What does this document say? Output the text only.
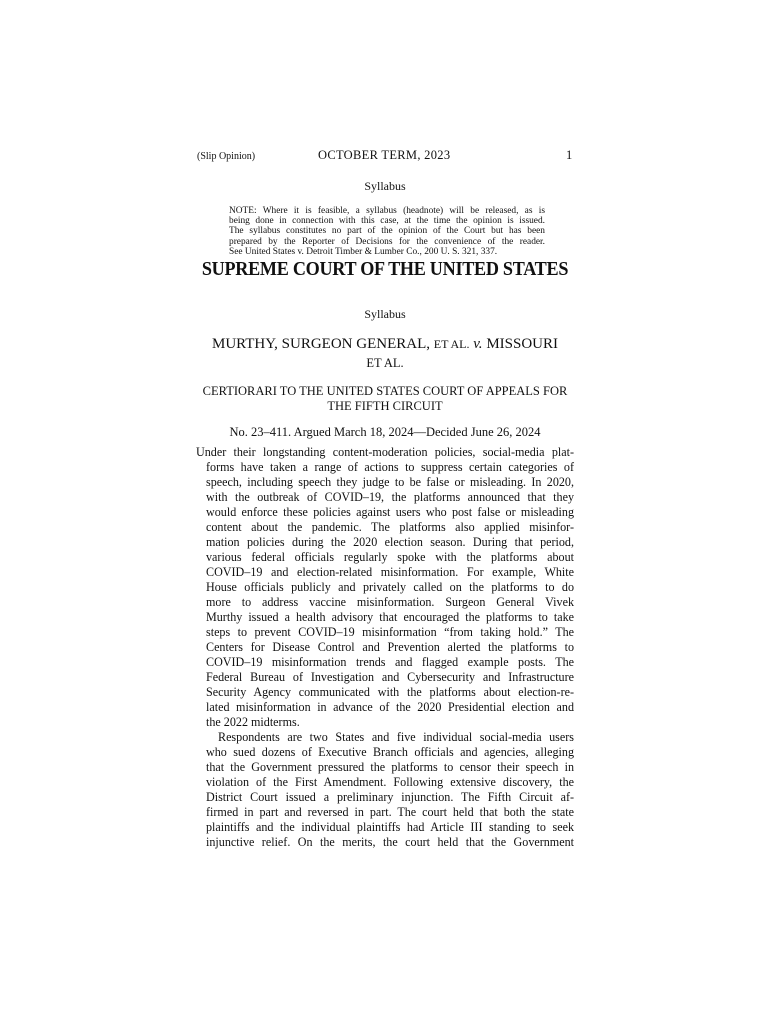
(Slip Opinion)	OCTOBER TERM, 2023	1
Syllabus
NOTE: Where it is feasible, a syllabus (headnote) will be released, as is
being done in connection with this case, at the time the opinion is issued.
The syllabus constitutes no part of the opinion of the Court but has been
prepared by the Reporter of Decisions for the convenience of the reader.
See United States v. Detroit Timber & Lumber Co., 200 U. S. 321, 337.
SUPREME COURT OF THE UNITED STATES
Syllabus
MURTHY, SURGEON GENERAL, ET AL. v. MISSOURI
ET AL.
CERTIORARI TO THE UNITED STATES COURT OF APPEALS FOR
THE FIFTH CIRCUIT
No. 23–411. Argued March 18, 2024—Decided June 26, 2024
Under their longstanding content-moderation policies, social-media plat-
forms have taken a range of actions to suppress certain categories of
speech, including speech they judge to be false or misleading. In 2020,
with the outbreak of COVID–19, the platforms announced that they
would enforce these policies against users who post false or misleading
content about the pandemic. The platforms also applied misinfor-
mation policies during the 2020 election season. During that period,
various federal officials regularly spoke with the platforms about
COVID–19 and election-related misinformation. For example, White
House officials publicly and privately called on the platforms to do
more to address vaccine misinformation. Surgeon General Vivek
Murthy issued a health advisory that encouraged the platforms to take
steps to prevent COVID–19 misinformation “from taking hold.” The
Centers for Disease Control and Prevention alerted the platforms to
COVID–19 misinformation trends and flagged example posts. The
Federal Bureau of Investigation and Cybersecurity and Infrastructure
Security Agency communicated with the platforms about election-re-
lated misinformation in advance of the 2020 Presidential election and
the 2022 midterms.
Respondents are two States and five individual social-media users
who sued dozens of Executive Branch officials and agencies, alleging
that the Government pressured the platforms to censor their speech in
violation of the First Amendment. Following extensive discovery, the
District Court issued a preliminary injunction. The Fifth Circuit af-
firmed in part and reversed in part. The court held that both the state
plaintiffs and the individual plaintiffs had Article III standing to seek
injunctive relief. On the merits, the court held that the Government
